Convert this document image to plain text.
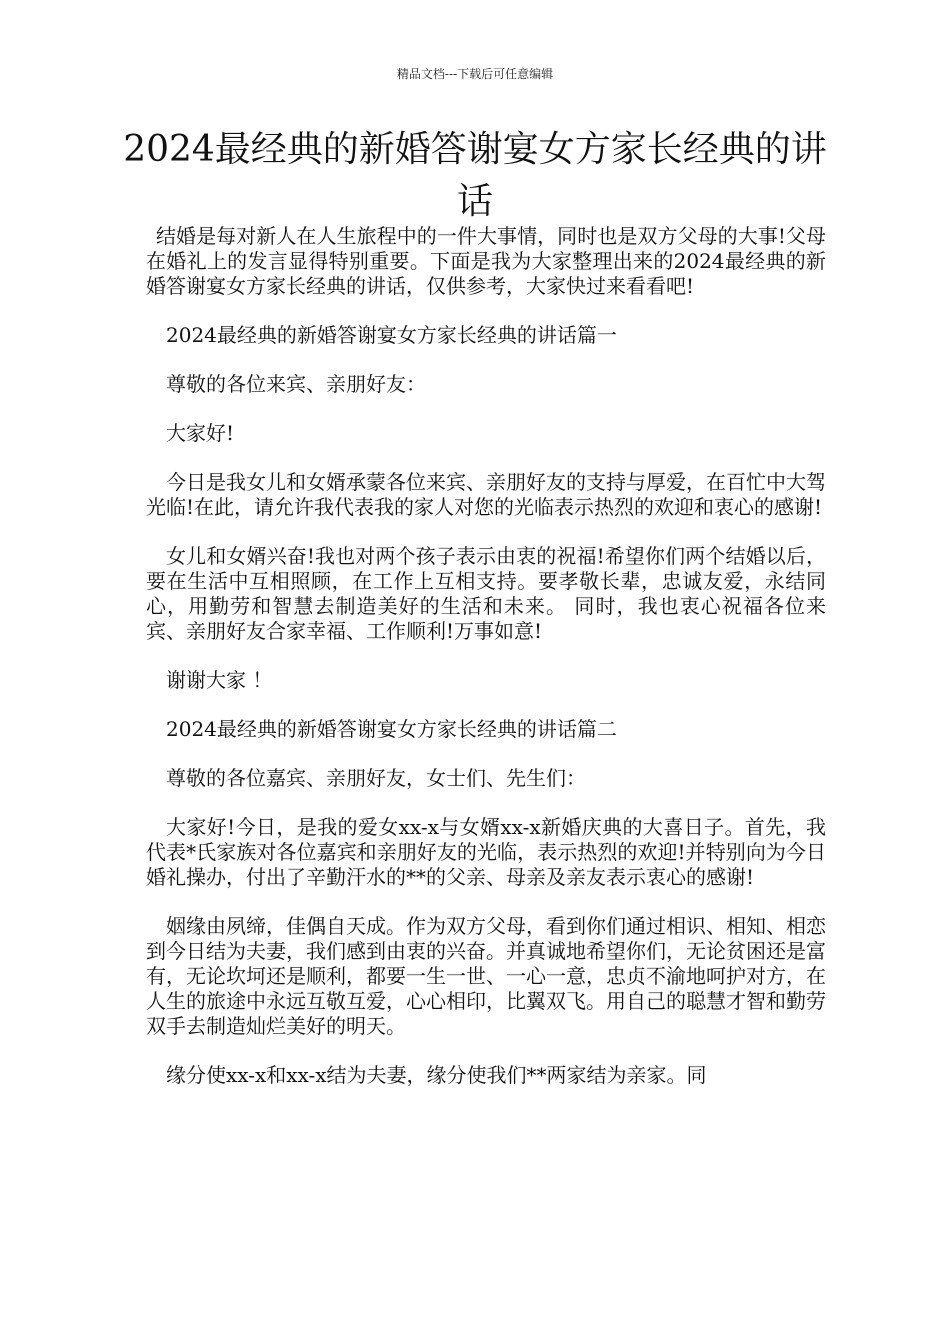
精品文档---下载后可任意编辑
2024最经典的新婚答谢宴女方家长经典的讲话

结婚是每对新人在人生旅程中的一件大事情，同时也是双方父母的大事!父母在婚礼上的发言显得特别重要。下面是我为大家整理出来的2024最经典的新婚答谢宴女方家长经典的讲话，仅供参考，大家快过来看看吧!

2024最经典的新婚答谢宴女方家长经典的讲话篇一

尊敬的各位来宾、亲朋好友：

大家好!

今日是我女儿和女婿承蒙各位来宾、亲朋好友的支持与厚爱，在百忙中大驾光临!在此，请允许我代表我的家人对您的光临表示热烈的欢迎和衷心的感谢!

女儿和女婿兴奋!我也对两个孩子表示由衷的祝福!希望你们两个结婚以后，要在生活中互相照顾，在工作上互相支持。要孝敬长辈，忠诚友爱，永结同心，用勤劳和智慧去制造美好的生活和未来。 同时，我也衷心祝福各位来宾、亲朋好友合家幸福、工作顺利!万事如意!

谢谢大家 ！

2024最经典的新婚答谢宴女方家长经典的讲话篇二

尊敬的各位嘉宾、亲朋好友，女士们、先生们：

大家好!今日，是我的爱女xx-x与女婿xx-x新婚庆典的大喜日子。首先，我代表*氏家族对各位嘉宾和亲朋好友的光临，表示热烈的欢迎!并特别向为今日婚礼操办，付出了辛勤汗水的**的父亲、母亲及亲友表示衷心的感谢!

姻缘由夙缔，佳偶自天成。作为双方父母，看到你们通过相识、相知、相恋到今日结为夫妻，我们感到由衷的兴奋。并真诚地希望你们，无论贫困还是富有，无论坎坷还是顺利，都要一生一世、一心一意，忠贞不渝地呵护对方，在人生的旅途中永远互敬互爱，心心相印，比翼双飞。用自己的聪慧才智和勤劳双手去制造灿烂美好的明天。

缘分使xx-x和xx-x结为夫妻，缘分使我们**两家结为亲家。同
